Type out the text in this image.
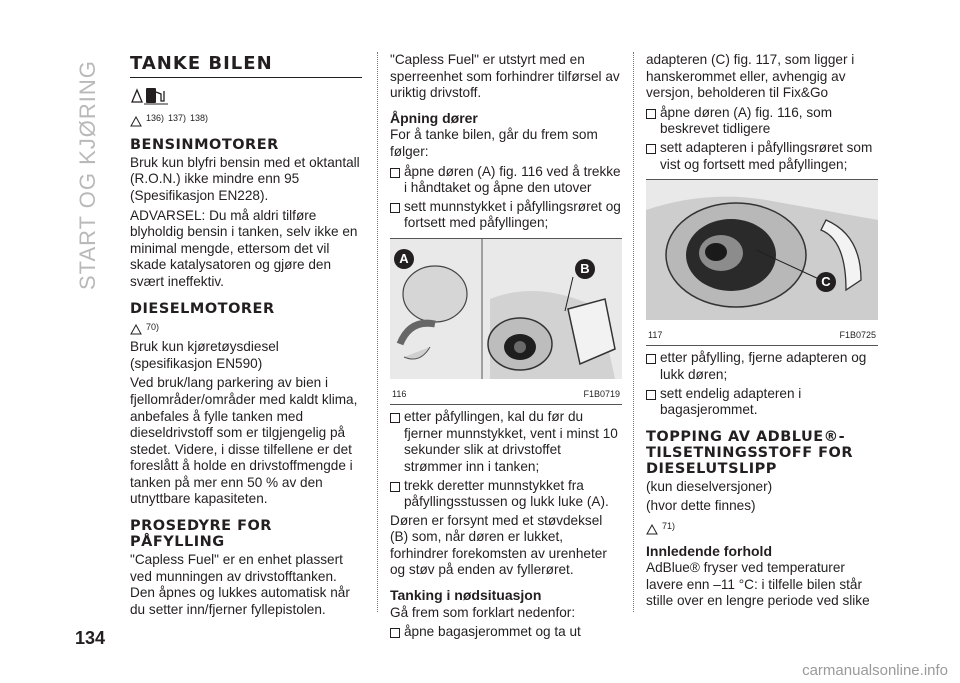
START OG KJØRING
134
TANKE BILEN
136) 137) 138)
BENSINMOTORER

Bruk kun blyfri bensin med et oktantall (R.O.N.) ikke mindre enn 95 (Spesifikasjon EN228).

ADVARSEL: Du må aldri tilføre blyholdig bensin i tanken, selv ikke en minimal mengde, ettersom det vil skade katalysatoren og gjøre den svært ineffektiv.

DIESELMOTORER
70)

Bruk kun kjøretøysdiesel (spesifikasjon EN590)

Ved bruk/lang parkering av bien i fjellområder/områder med kaldt klima, anbefales å fylle tanken med dieseldrivstoff som er tilgjengelig på stedet. Videre, i disse tilfellene er det foreslått å holde en drivstoffmengde i tanken på mer enn 50 % av den utnyttbare kapasiteten.

PROSEDYRE FOR PÅFYLLING

"Capless Fuel" er en enhet plassert ved munningen av drivstofftanken. Den åpnes og lukkes automatisk når du setter inn/fjerner fyllepistolen.

"Capless Fuel" er utstyrt med en sperreenhet som forhindrer tilførsel av uriktig drivstoff.

Åpning dører

For å tanke bilen, går du frem som følger:

åpne døren (A) fig. 116 ved å trekke i håndtaket og åpne den utover
sett munnstykket i påfyllingsrøret og fortsett med påfyllingen;
A
B
116	F1B0719
etter påfyllingen, kal du før du fjerner munnstykket, vent i minst 10 sekunder slik at drivstoffet strømmer inn i tanken;
trekk deretter munnstykket fra påfyllingsstussen og lukk luke (A).

Døren er forsynt med et støvdeksel (B) som, når døren er lukket, forhindrer forekomsten av urenheter og støv på enden av fyllerøret.

Tanking i nødsituasjon

Gå frem som forklart nedenfor:

åpne bagasjerommet og ta ut

adapteren (C) fig. 117, som ligger i hanskerommet eller, avhengig av versjon, beholderen til Fix&Go

åpne døren (A) fig. 116, som beskrevet tidligere
sett adapteren i påfyllingsrøret som vist og fortsett med påfyllingen;
C
117	F1B0725
etter påfylling, fjerne adapteren og lukk døren;
sett endelig adapteren i bagasjerommet.
TOPPING AV ADBLUE®-TILSETNINGSSTOFF FOR DIESELUTSLIPP

(kun dieselversjoner)

(hvor dette finnes)

71)
Innledende forhold

AdBlue® fryser ved temperaturer lavere enn –11 °C: i tilfelle bilen står stille over en lengre periode ved slike

carmanualsonline.info
